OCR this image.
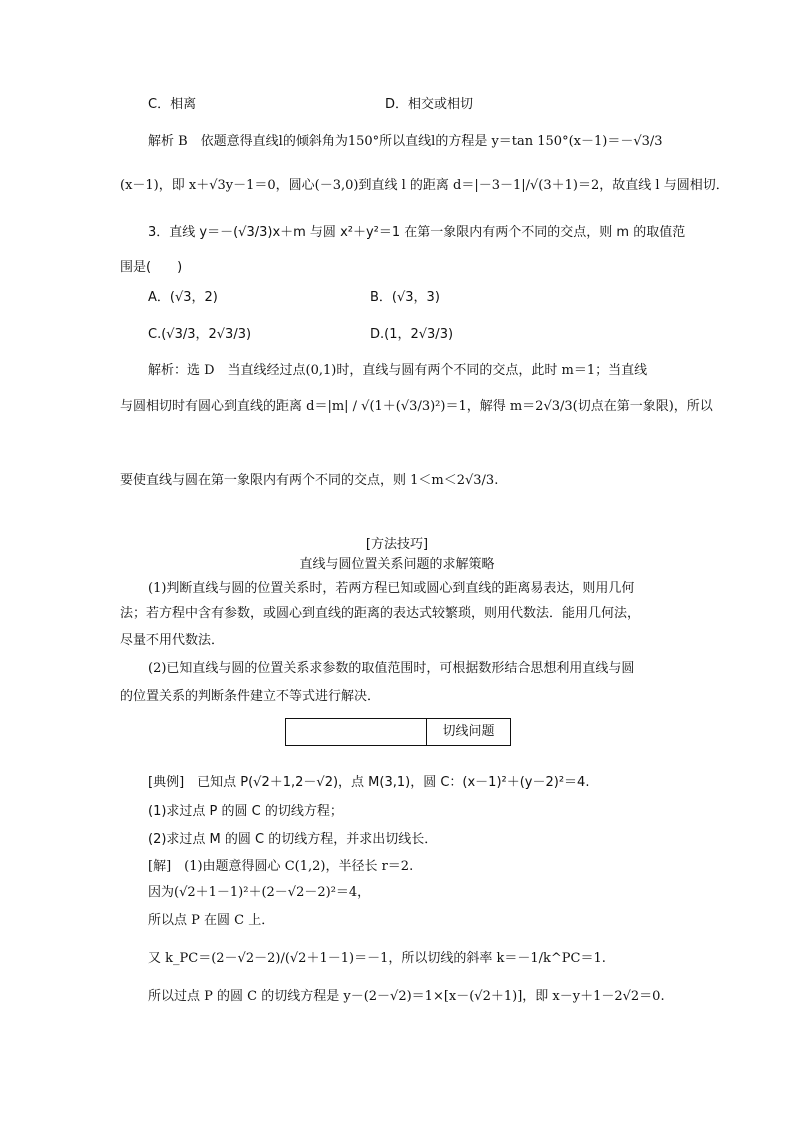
C．相离	D．相交或相切
解析 B　依题意得直线l的倾斜角为150°所以直线l的方程是 y＝tan 150°(x－1)＝－√3/3
(x－1)，即 x＋√3y－1＝0，圆心(－3,0)到直线 l 的距离 d＝|－3－1|/√(3＋1)＝2，故直线 l 与圆相切．
3．直线 y＝－(√3/3)x＋m 与圆 x²＋y²＝1 在第一象限内有两个不同的交点，则 m 的取值范
围是(　　)
A．(√3，2)	B．(√3，3)
C.(√3/3，2√3/3)	D.(1，2√3/3)
解析：选 D　当直线经过点(0,1)时，直线与圆有两个不同的交点，此时 m＝1；当直线
与圆相切时有圆心到直线的距离 d＝|m| / √(1＋(√3/3)²)＝1，解得 m＝2√3/3(切点在第一象限)，所以
要使直线与圆在第一象限内有两个不同的交点，则 1＜m＜2√3/3.
[方法技巧]
直线与圆位置关系问题的求解策略
(1)判断直线与圆的位置关系时，若两方程已知或圆心到直线的距离易表达，则用几何
法；若方程中含有参数，或圆心到直线的距离的表达式较繁琐，则用代数法．能用几何法，
尽量不用代数法．
(2)已知直线与圆的位置关系求参数的取值范围时，可根据数形结合思想利用直线与圆
的位置关系的判断条件建立不等式进行解决．
切线问题
[典例]　已知点 P(√2＋1,2－√2)，点 M(3,1)，圆 C：(x－1)²＋(y－2)²＝4.
(1)求过点 P 的圆 C 的切线方程；
(2)求过点 M 的圆 C 的切线方程，并求出切线长．
[解]　(1)由题意得圆心 C(1,2)，半径长 r＝2.
因为(√2＋1－1)²＋(2－√2－2)²＝4，
所以点 P 在圆 C 上．
又 k_PC＝(2－√2－2)/(√2＋1－1)＝－1，所以切线的斜率 k＝－1/k^PC＝1.
所以过点 P 的圆 C 的切线方程是 y－(2－√2)＝1×[x－(√2＋1)]，即 x－y＋1－2√2＝0.
